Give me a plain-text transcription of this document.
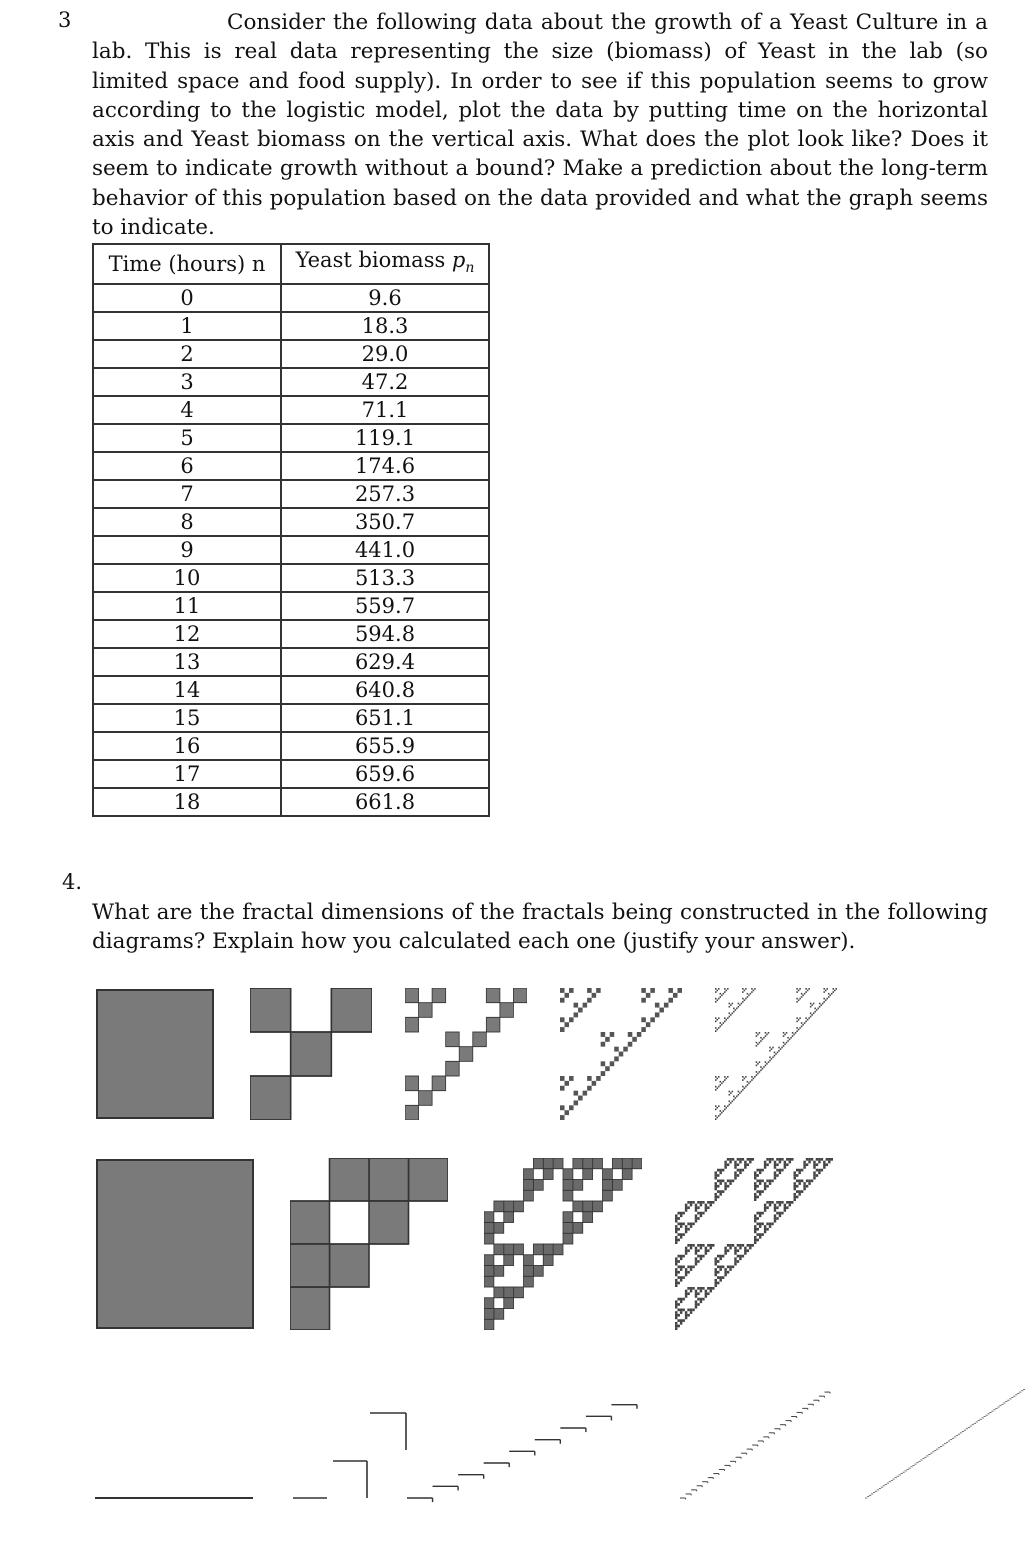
3	Consider the following data about the growth of a Yeast Culture in a lab. This is real data representing the size (biomass) of Yeast in the lab (so limited space and food supply). In order to see if this population seems to grow according to the logistic model, plot the data by putting time on the horizontal axis and Yeast biomass on the vertical axis. What does the plot look like? Does it seem to indicate growth without a bound? Make a prediction about the long-term behavior of this population based on the data provided and what the graph seems to indicate.

Time (hours) n	Yeast biomass $p_n$
0	9.6
1	18.3
2	29.0
3	47.2
4	71.1
5	119.1
6	174.6
7	257.3
8	350.7
9	441.0
10	513.3
11	559.7
12	594.8
13	629.4
14	640.8
15	651.1
16	655.9
17	659.6
18	661.8
4.
What are the fractal dimensions of the fractals being constructed in the following diagrams? Explain how you calculated each one (justify your answer).
